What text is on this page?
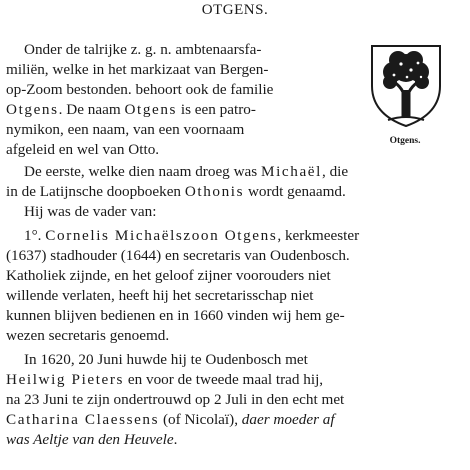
OTGENS.
Otgens.
Onder de talrijke z. g. n. ambtenaarsfa-
miliën, welke in het markizaat van Bergen-
op-Zoom bestonden. behoort ook de familie
Otgens. De naam Otgens is een patro-
nymikon, een naam, van een voornaam
afgeleid en wel van Otto.
De eerste, welke dien naam droeg was Michaël, die
in de Latijnsche doopboeken Othonis wordt genaamd.
Hij was de vader van:
1°. Cornelis Michaëlszoon Otgens, kerkmeester
(1637) stadhouder (1644) en secretaris van Oudenbosch.
Katholiek zijnde, en het geloof zijner voorouders niet
willende verlaten, heeft hij het secretarisschap niet
kunnen blijven bedienen en in 1660 vinden wij hem ge-
wezen secretaris genoemd.
In 1620, 20 Juni huwde hij te Oudenbosch met
Heilwig Pieters en voor de tweede maal trad hij,
na 23 Juni te zijn ondertrouwd op 2 Juli in den echt met
Catharina Claessens (of Nicolaï), daer moeder af
was Aeltje van den Heuvele.
